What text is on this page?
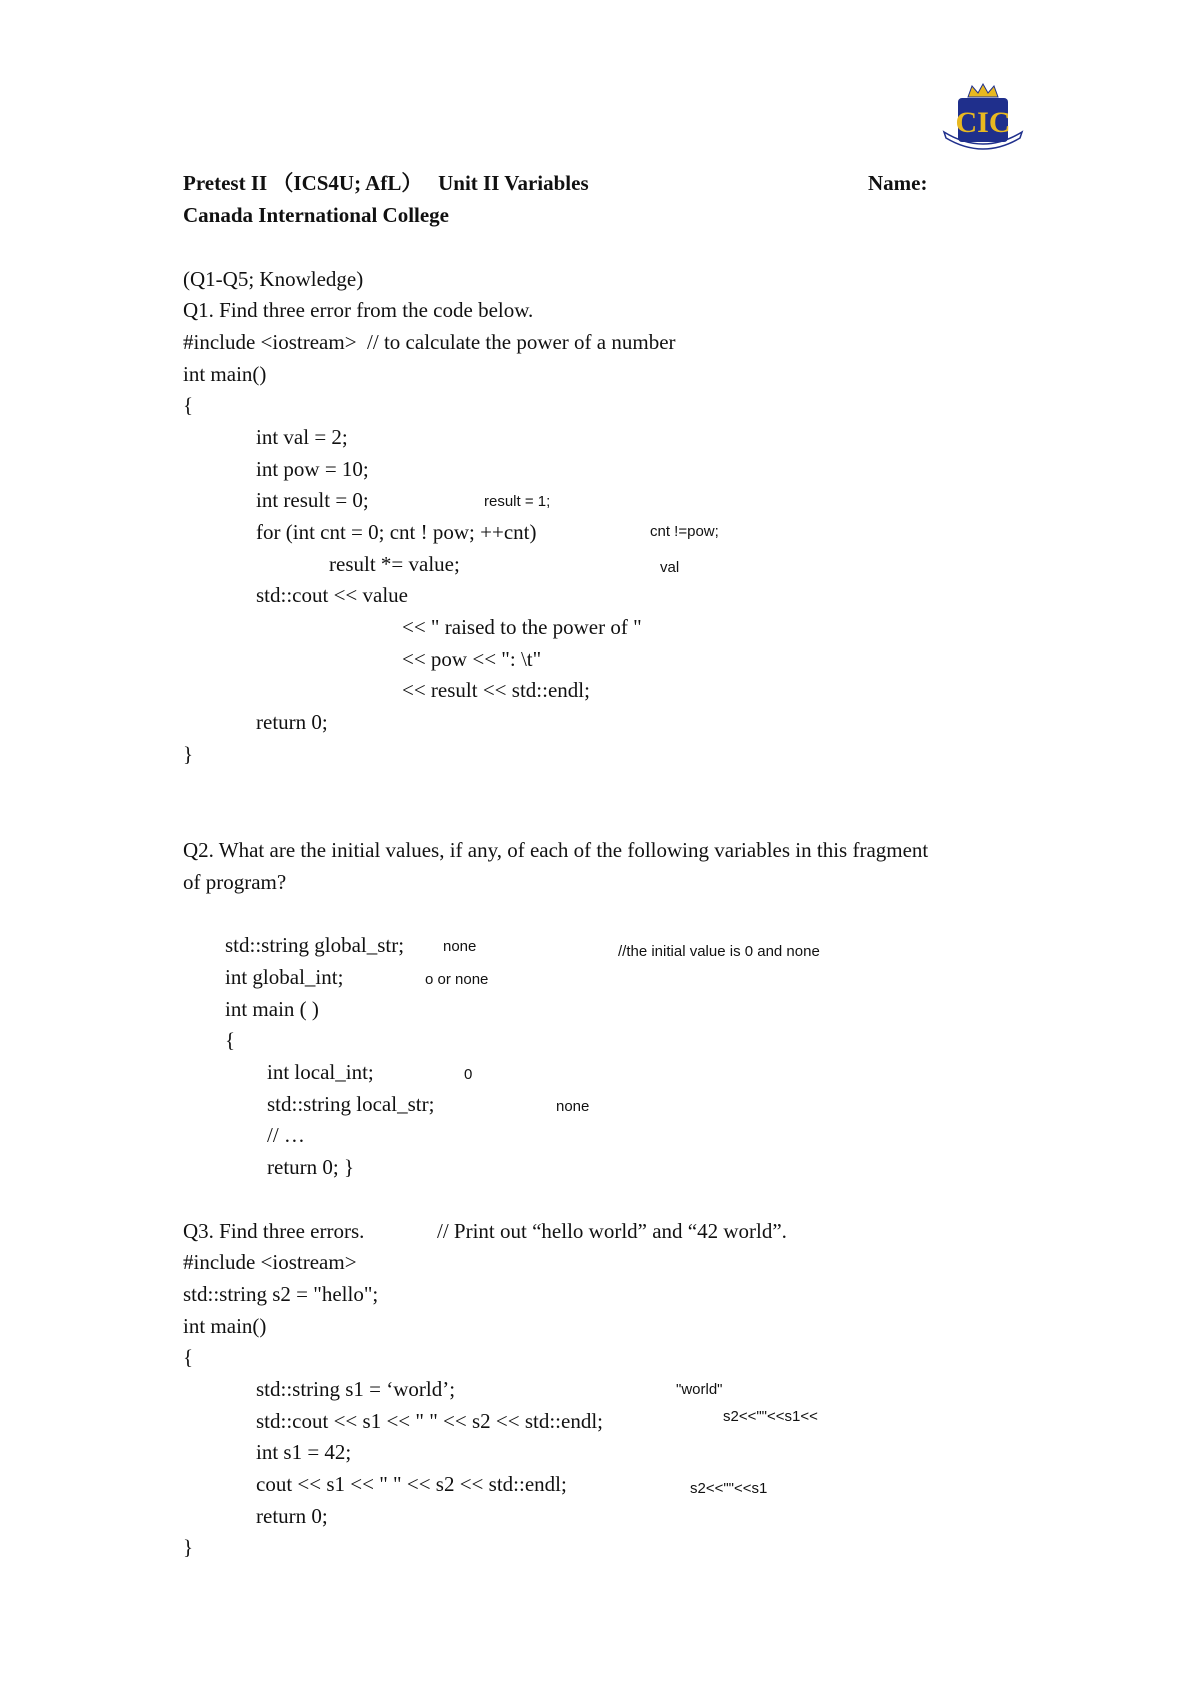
CIC
Pretest II （ICS4U; AfL）   Unit II Variables	Name:
Canada International College
(Q1-Q5; Knowledge)
Q1. Find three error from the code below.
#include <iostream>  // to calculate the power of a number
int main()
{
int val = 2;
int pow = 10;
int result = 0;
for (int cnt = 0; cnt ! pow; ++cnt)
result *= value;
std::cout << value
<< " raised to the power of "
<< pow << ": \t"
<< result << std::endl;
return 0;
}
result = 1;
cnt !=pow;
val
Q2. What are the initial values, if any, of each of the following variables in this fragment
of program?
std::string global_str;
int global_int;
int main ( )
{
int local_int;
std::string local_str;
// …
return 0; }
none	//the initial value is 0 and none
o or none
0
none
Q3. Find three errors.	// Print out “hello world” and “42 world”.
#include <iostream>
std::string s2 = "hello";
int main()
{
std::string s1 = ‘world’;
std::cout << s1 << " " << s2 << std::endl;
int s1 = 42;
cout << s1 << " " << s2 << std::endl;
return 0;
}
"world"
s2<<""<<s1<<
s2<<""<<s1
